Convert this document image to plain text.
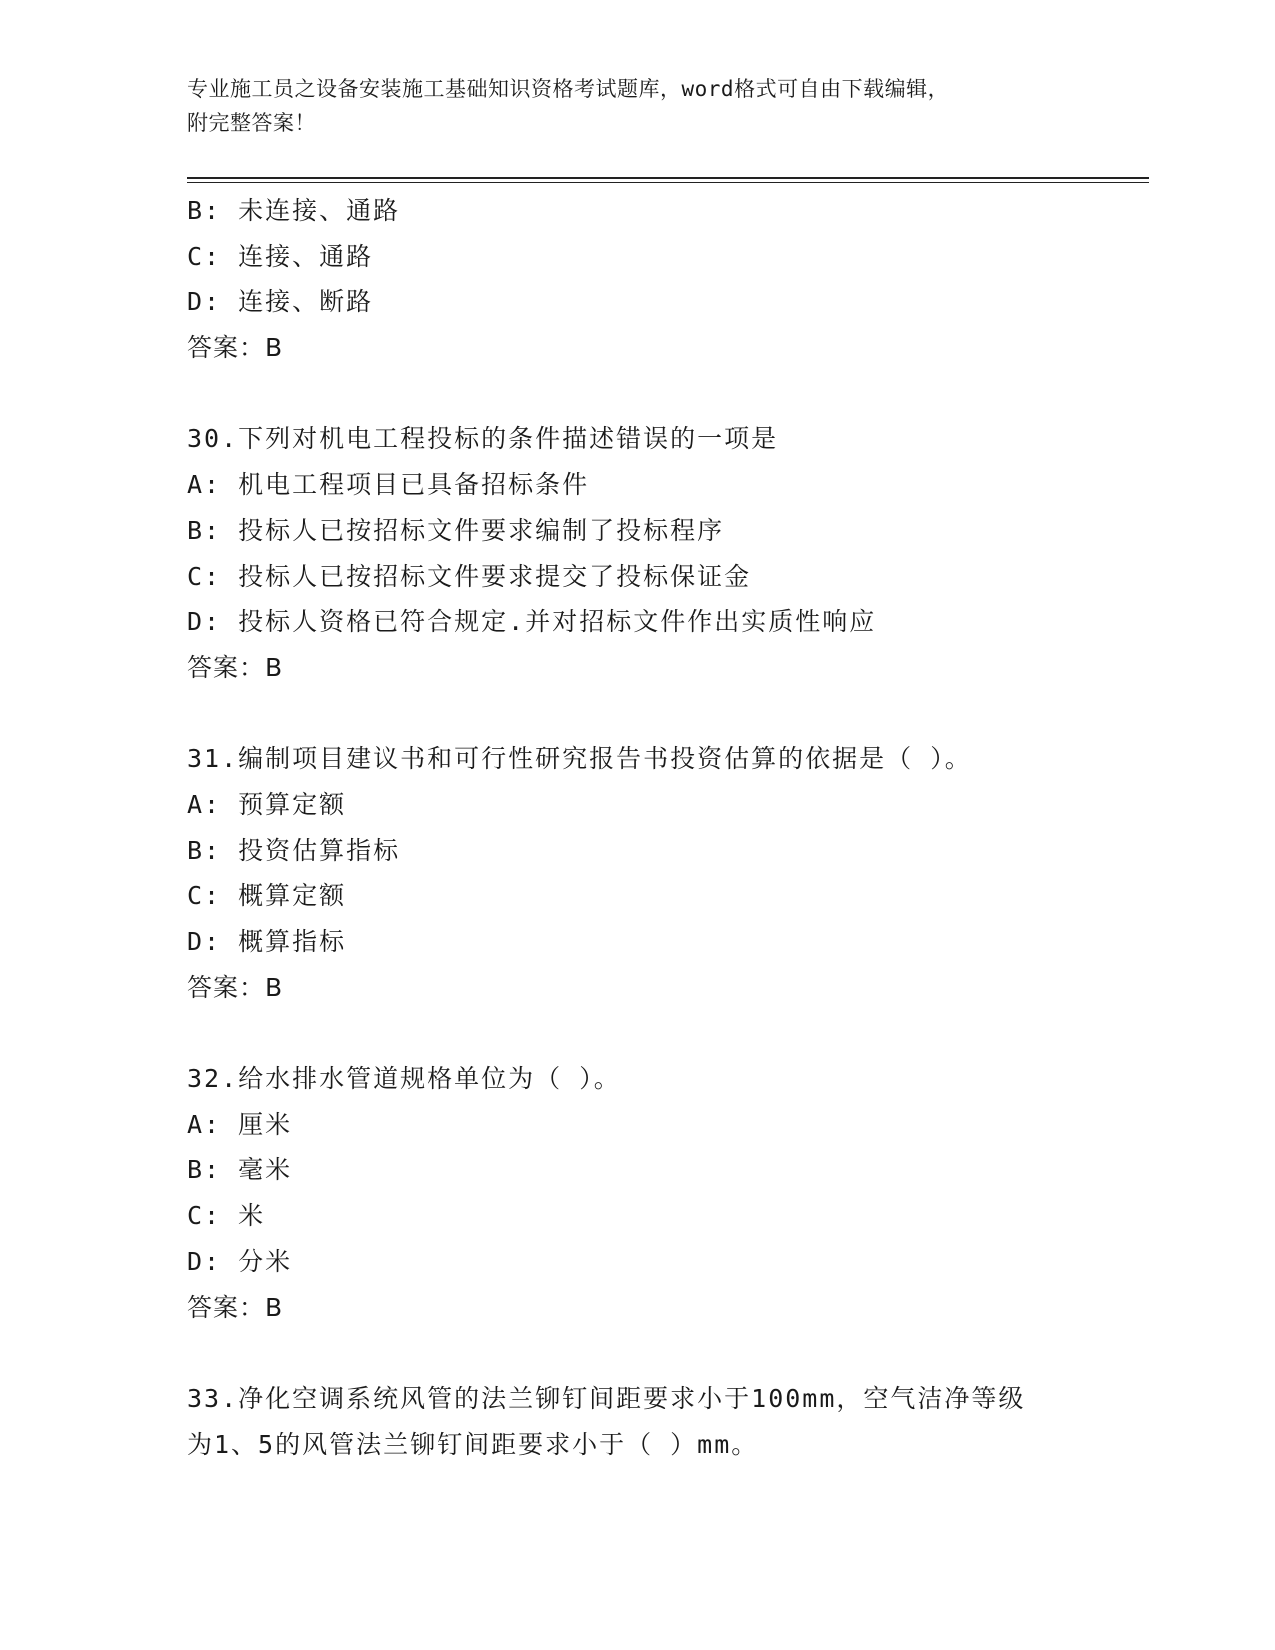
专业施工员之设备安装施工基础知识资格考试题库，word格式可自由下载编辑，
附完整答案！
B: 未连接、通路
C: 连接、通路
D: 连接、断路
答案：B
30.下列对机电工程投标的条件描述错误的一项是
A: 机电工程项目已具备招标条件
B: 投标人已按招标文件要求编制了投标程序
C: 投标人已按招标文件要求提交了投标保证金
D: 投标人资格已符合规定.并对招标文件作出实质性响应
答案：B
31.编制项目建议书和可行性研究报告书投资估算的依据是（ ）。
A: 预算定额
B: 投资估算指标
C: 概算定额
D: 概算指标
答案：B
32.给水排水管道规格单位为（ ）。
A: 厘米
B: 毫米
C: 米
D: 分米
答案：B
33.净化空调系统风管的法兰铆钉间距要求小于100mm，空气洁净等级
为1、5的风管法兰铆钉间距要求小于（ ）mm。
